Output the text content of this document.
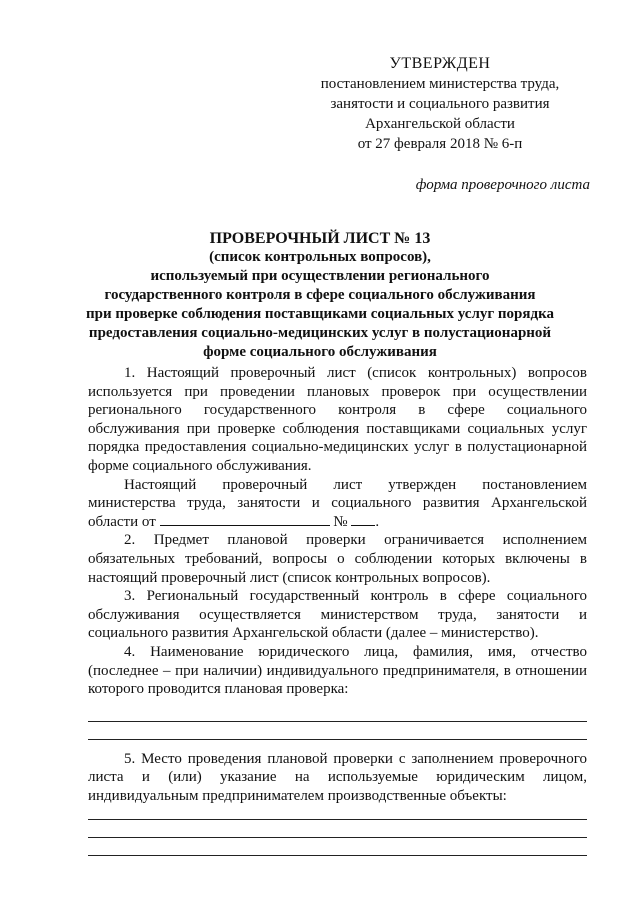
УТВЕРЖДЕН
постановлением министерства труда,
занятости и социального развития
Архангельской области
от 27 февраля 2018 № 6-п
форма проверочного листа
ПРОВЕРОЧНЫЙ ЛИСТ № 13
(список контрольных вопросов),
используемый при осуществлении регионального
государственного контроля в сфере социального обслуживания
при проверке соблюдения поставщиками социальных услуг порядка
предоставления социально-медицинских услуг в полустационарной
форме социального обслуживания

1. Настоящий проверочный лист (список контрольных) вопросов используется при проведении плановых проверок при осуществлении регионального государственного контроля в сфере социального обслуживания при проверке соблюдения поставщиками социальных услуг порядка предоставления социально-медицинских услуг в полустационарной форме социального обслуживания.

Настоящий проверочный лист утвержден постановлением министерства труда, занятости и социального развития Архангельской области от	№ .

2. Предмет плановой проверки ограничивается исполнением обязательных требований, вопросы о соблюдении которых включены в настоящий проверочный лист (список контрольных вопросов).

3. Региональный государственный контроль в сфере социального обслуживания осуществляется министерством труда, занятости и социального развития Архангельской области (далее – министерство).

4. Наименование юридического лица, фамилия, имя, отчество (последнее – при наличии) индивидуального предпринимателя, в отношении которого проводится плановая проверка:

5. Место проведения плановой проверки с заполнением проверочного листа и (или) указание на используемые юридическим лицом, индивидуальным предпринимателем производственные объекты:
